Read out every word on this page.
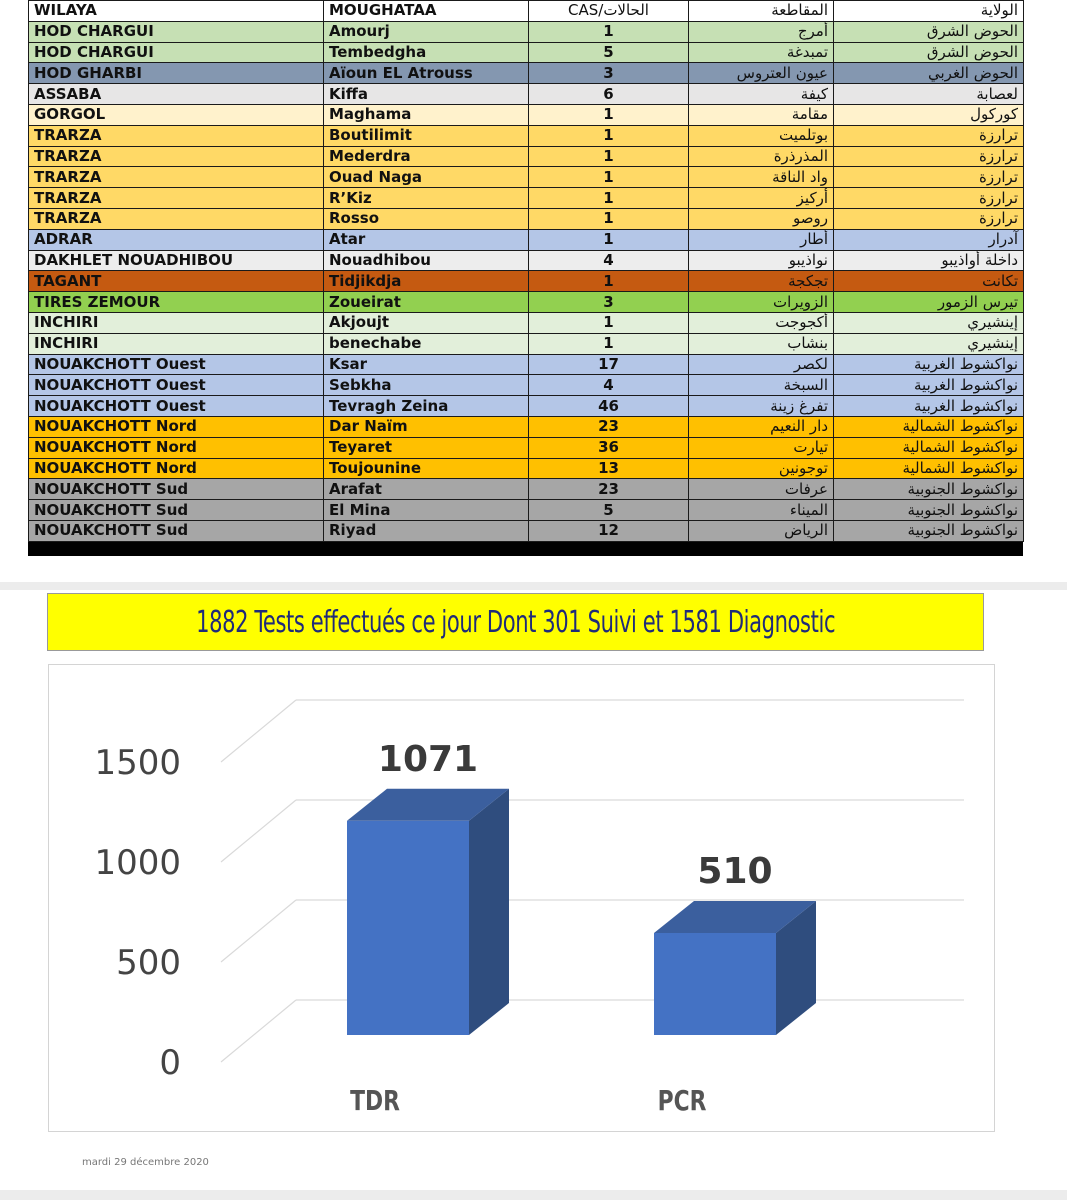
WILAYA	MOUGHATAA	CAS/الحالات	المقاطعة	الولاية
HOD CHARGUI	Amourj	1	أمرج	الحوض الشرق
HOD CHARGUI	Tembedgha	5	تمبدغة	الحوض الشرق
HOD GHARBI	Aïoun EL Atrouss	3	عيون العتروس	الحوض الغربي
ASSABA	Kiffa	6	كيفة	لعصابة
GORGOL	Maghama	1	مقامة	كوركول
TRARZA	Boutilimit	1	بوتلميت	ترارزة
TRARZA	Mederdra	1	المذرذرة	ترارزة
TRARZA	Ouad Naga	1	واد الناقة	ترارزة
TRARZA	R’Kiz	1	أركيز	ترارزة
TRARZA	Rosso	1	روصو	ترارزة
ADRAR	Atar	1	أطار	آدرار
DAKHLET NOUADHIBOU	Nouadhibou	4	نواذيبو	داخلة أواذيبو
TAGANT	Tidjikdja	1	تجكجة	تكانت
TIRES ZEMOUR	Zoueirat	3	الزويرات	تيرس الزمور
INCHIRI	Akjoujt	1	أكجوجت	إينشيري
INCHIRI	benechabe	1	بنشاب	إينشيري
NOUAKCHOTT Ouest	Ksar	17	لكصر	نواكشوط الغربية
NOUAKCHOTT Ouest	Sebkha	4	السبخة	نواكشوط الغربية
NOUAKCHOTT Ouest	Tevragh Zeina	46	تفرغ زينة	نواكشوط الغربية
NOUAKCHOTT Nord	Dar Naïm	23	دار النعيم	نواكشوط الشمالية
NOUAKCHOTT Nord	Teyaret	36	تيارت	نواكشوط الشمالية
NOUAKCHOTT Nord	Toujounine	13	توجونين	نواكشوط الشمالية
NOUAKCHOTT Sud	Arafat	23	عرفات	نواكشوط الجنوبية
NOUAKCHOTT Sud	El Mina	5	الميناء	نواكشوط الجنوبية
NOUAKCHOTT Sud	Riyad	12	الرياض	نواكشوط الجنوبية
1882 Tests effectués ce jour Dont 301 Suivi et 1581 Diagnostic
0
500
1000
1500	1071
TDR
510
PCR
mardi 29 décembre 2020
